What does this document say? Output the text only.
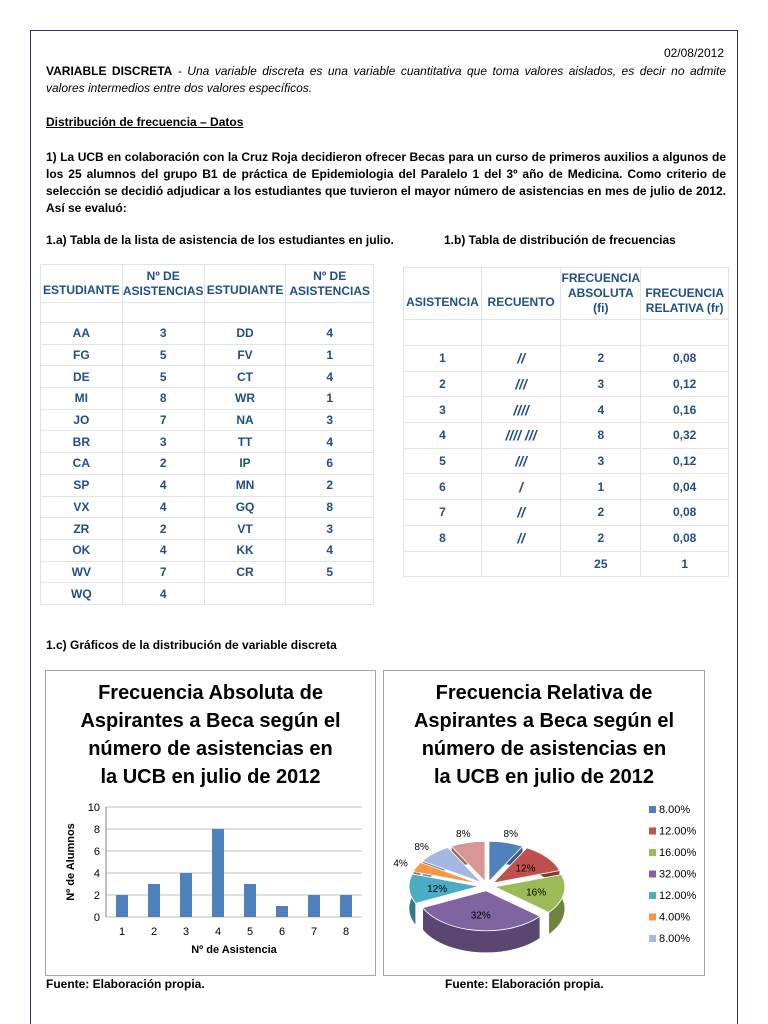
02/08/2012
VARIABLE DISCRETA - Una variable discreta es una variable cuantitativa que toma valores aislados, es decir no admite valores intermedios entre dos valores específicos.
Distribución de frecuencia – Datos
1) La UCB en colaboración con la Cruz Roja decidieron ofrecer Becas para un curso de primeros auxilios a algunos de los 25 alumnos del grupo B1 de práctica de Epidemiologia del Paralelo 1 del 3º año de Medicina. Como criterio de selección se decidió adjudicar a los estudiantes que tuvieron el mayor número de asistencias en mes de julio de 2012. Así se evaluó:
1.a) Tabla de la lista de asistencia de los estudiantes en julio.	1.b) Tabla de distribución de frecuencias
ESTUDIANTE	Nº DE ASISTENCIAS	ESTUDIANTE	Nº DE ASISTENCIAS

AA	3	DD	4
FG	5	FV	1
DE	5	CT	4
MI	8	WR	1
JO	7	NA	3
BR	3	TT	4
CA	2	IP	6
SP	4	MN	2
VX	4	GQ	8
ZR	2	VT	3
OK	4	KK	4
WV	7	CR	5
WQ	4		
ASISTENCIA	RECUENTO	FRECUENCIA ABSOLUTA (fi)	FRECUENCIA RELATIVA (fr)

1	//	2	0,08
2	///	3	0,12
3	////	4	0,16
4	//// ///	8	0,32
5	///	3	0,12
6	/	1	0,04
7	//	2	0,08
8	//	2	0,08
		25	1
1.c) Gráficos de la distribución de variable discreta
Frecuencia Absoluta de
Aspirantes a Beca según el
número de asistencias en
la UCB en julio de 2012
0
2
4
6
8
10
1 2 3 4 5 6 7 8
Nº de Asistencia
Nº de Alumnos
Frecuencia Relativa de
Aspirantes a Beca según el
número de asistencias en
la UCB en julio de 2012
8%
12%
16%
32%
12%
4%
8%
8%
8.00%
12.00%
16.00%
32.00%
12.00%
4.00%
8.00%
Fuente: Elaboración propia.	Fuente: Elaboración propia.
